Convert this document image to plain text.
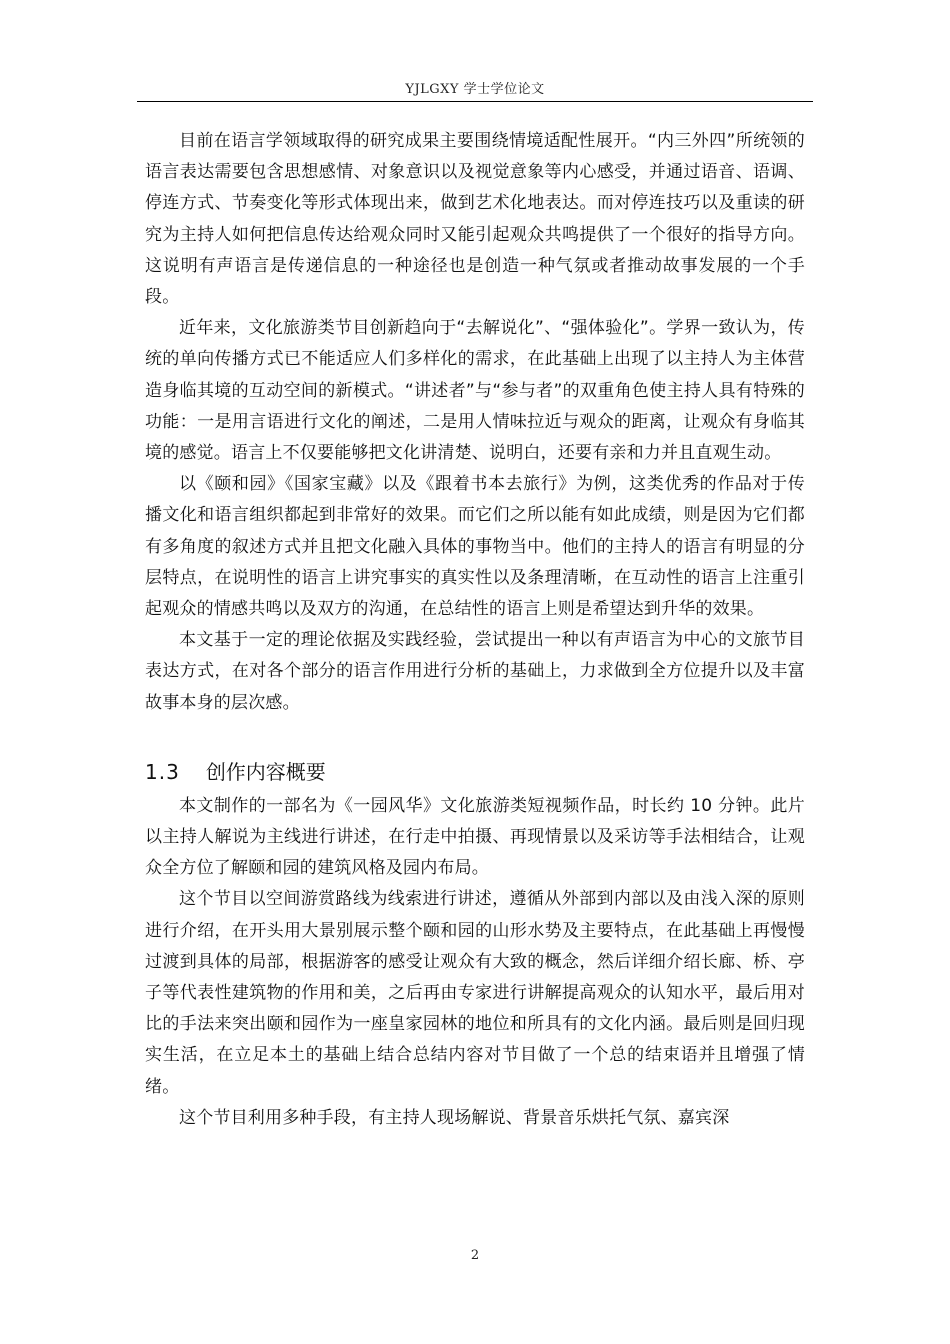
YJLGXY 学士学位论文

目前在语言学领域取得的研究成果主要围绕情境适配性展开。“内三外四”所统领的语言表达需要包含思想感情、对象意识以及视觉意象等内心感受，并通过语音、语调、停连方式、节奏变化等形式体现出来，做到艺术化地表达。而对停连技巧以及重读的研究为主持人如何把信息传达给观众同时又能引起观众共鸣提供了一个很好的指导方向。这说明有声语言是传递信息的一种途径也是创造一种气氛或者推动故事发展的一个手段。

近年来，文化旅游类节目创新趋向于“去解说化”、“强体验化”。学界一致认为，传统的单向传播方式已不能适应人们多样化的需求，在此基础上出现了以主持人为主体营造身临其境的互动空间的新模式。“讲述者”与“参与者”的双重角色使主持人具有特殊的功能：一是用言语进行文化的阐述，二是用人情味拉近与观众的距离，让观众有身临其境的感觉。语言上不仅要能够把文化讲清楚、说明白，还要有亲和力并且直观生动。

以《颐和园》《国家宝藏》以及《跟着书本去旅行》为例，这类优秀的作品对于传播文化和语言组织都起到非常好的效果。而它们之所以能有如此成绩，则是因为它们都有多角度的叙述方式并且把文化融入具体的事物当中。他们的主持人的语言有明显的分层特点，在说明性的语言上讲究事实的真实性以及条理清晰，在互动性的语言上注重引起观众的情感共鸣以及双方的沟通，在总结性的语言上则是希望达到升华的效果。

本文基于一定的理论依据及实践经验，尝试提出一种以有声语言为中心的文旅节目表达方式，在对各个部分的语言作用进行分析的基础上，力求做到全方位提升以及丰富故事本身的层次感。

1.3 创作内容概要

本文制作的一部名为《一园风华》文化旅游类短视频作品，时长约 10 分钟。此片以主持人解说为主线进行讲述，在行走中拍摄、再现情景以及采访等手法相结合，让观众全方位了解颐和园的建筑风格及园内布局。

这个节目以空间游赏路线为线索进行讲述，遵循从外部到内部以及由浅入深的原则进行介绍，在开头用大景别展示整个颐和园的山形水势及主要特点，在此基础上再慢慢过渡到具体的局部，根据游客的感受让观众有大致的概念，然后详细介绍长廊、桥、亭子等代表性建筑物的作用和美，之后再由专家进行讲解提高观众的认知水平，最后用对比的手法来突出颐和园作为一座皇家园林的地位和所具有的文化内涵。最后则是回归现实生活，在立足本土的基础上结合总结内容对节目做了一个总的结束语并且增强了情绪。

这个节目利用多种手段，有主持人现场解说、背景音乐烘托气氛、嘉宾深

2
